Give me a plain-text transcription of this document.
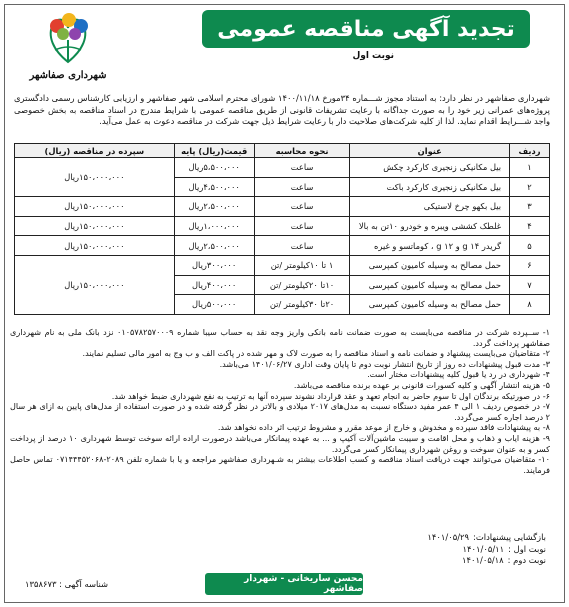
تجدید آگهی مناقصه عمومی
نوبت اول
شهرداری صفاشهر

شهرداری صفاشهر در نظر دارد: به استناد مجوز شـــماره ۳۴مورخ ۱۴۰۰/۱۱/۱۸ شورای محترم اسلامی شهر صفاشهر و ارزیابی کارشناس رسمی دادگستری پروژه‌های عمرانی زیر خود را به صورت جداگانه با رعایت تشریفات قانونی از طریق مناقصه عمومی با شرایط مندرج در اسناد مناقصه به بخش خصوصی واجد شـــرایط اقدام نماید. لذا از کلیه شرکت‌های صلاحیت دار با رعایت شرایط ذیل جهت شرکت در مناقصه دعوت به عمل می‌آید.

ردیف	عنوان	نحوه محاسبه	قیمت(ریال) پایه	سپرده در مناقصه (ریال)
۱	بیل مکانیکی زنجیری کارکرد چکش	ساعت	۵،۵۰۰،۰۰۰ریال	۱۵۰،۰۰۰،۰۰۰ریال
۲	بیل مکانیکی زنجیری کارکرد باکت	ساعت	۴،۵۰۰،۰۰۰ریال	
۳	بیل بکهو چرخ لاستیکی	ساعت	۲،۵۰۰،۰۰۰ریال	۱۵۰،۰۰۰،۰۰۰ریال
۴	غلطک کششی ویبره و خودرو ۱۰تن به بالا	ساعت	۱،۰۰۰،۰۰۰ریال	۱۵۰،۰۰۰،۰۰۰ریال
۵	گریدر ۱۴ g و ۱۲ g ، کوماتسو و غیره	ساعت	۲،۵۰۰،۰۰۰ریال	۱۵۰،۰۰۰،۰۰۰ریال
۶	حمل مصالح به وسیله کامیون کمپرسی	۱ تا ۱۰کیلومتر /تن	۳۰۰،۰۰۰ریال	۱۵۰،۰۰۰،۰۰۰ریال
۷	حمل مصالح به وسیله کامیون کمپرسی	۱۰تا ۲۰کیلومتر /تن	۴۰۰،۰۰۰ریال	
۸	حمل مصالح به وسیله کامیون کمپرسی	۲۰تا ۳۰کیلومتر /تن	۵۰۰،۰۰۰ریال	

۱- ســپرده شرکت در مناقصه می‌بایست به صورت ضمانت نامه بانکی واریز وجه نقد به حساب سیبا شماره ۰۱۰۵۷۸۲۵۷۰۰۰۹ نزد بانک ملی به نام شهرداری صفاشهر پرداخت گردد.

۲- متقاضیان می‌بایست پیشنهاد و ضمانت نامه و اسناد مناقصه را به صورت لاک و مهر شده در پاکت الف و ب وج به امور مالی تسلیم نمایند.

۳- مدت قبول پیشنهادات ده روز از تاریخ انتشار نوبت دوم تا پایان وقت اداری ۱۴۰۱/۰۶/۲۷ می‌باشد.

۴- شهرداری در رد یا قبول کلیه پیشنهادات مختار است.

۵- هزینه انتشار آگهی و کلیه کسورات قانونی بر عهده برنده مناقصه می‌باشد.

۶- در صورتیکه برندگان اول تا سوم حاضر به انجام تعهد و عقد قرارداد نشوند سپرده آنها به ترتیب به نفع شهرداری ضبط خواهد شد.

۷- در خصوص ردیف ۱ الی ۴ عمر مفید دستگاه نسبت به مدل‌های ۲۰۱۷ میلادی و بالاتر در نظر گرفته شده و در صورت استفاده از مدل‌های پایین به ازای هر سال ۲ درصد اجاره کسر می‌گردد.

۸- به پیشنهادات فاقد سپرده و مخدوش و خارج از موعد مقرر و مشروط ترتیب اثر داده نخواهد شد.

۹- هزینه ایاب و ذهاب و محل اقامت و سیبت ماشین‌آلات آکیپ و ... به عهده پیمانکار می‌باشد درصورت اراده ارائه سوخت توسط شهرداری ۱۰ درصد از پرداخت کسر و به عنوان سوخت و روغن شهرداری پیمانکار کسر می‌گردد.

۱۰- متقاضیان می‌توانند جهت دریافت اسناد مناقصه و کسب اطلاعات بیشتر به شـهرداری صفاشهر مراجعه و یا با شماره تلفن ۲۰۸۹-۰۷۱۴۴۴۵۲۰۶۸ تماس حاصل فرمایند.

بازگشایی پیشنهادات:
۱۴۰۱/۰۵/۲۹
نوبت اول :
۱۴۰۱/۰۵/۱۱
نوبت دوم :
۱۴۰۱/۰۵/۱۸
محسن ساریخانی - شهردار صفاشهر
شناسه آگهی : ۱۳۵۸۶۷۳
